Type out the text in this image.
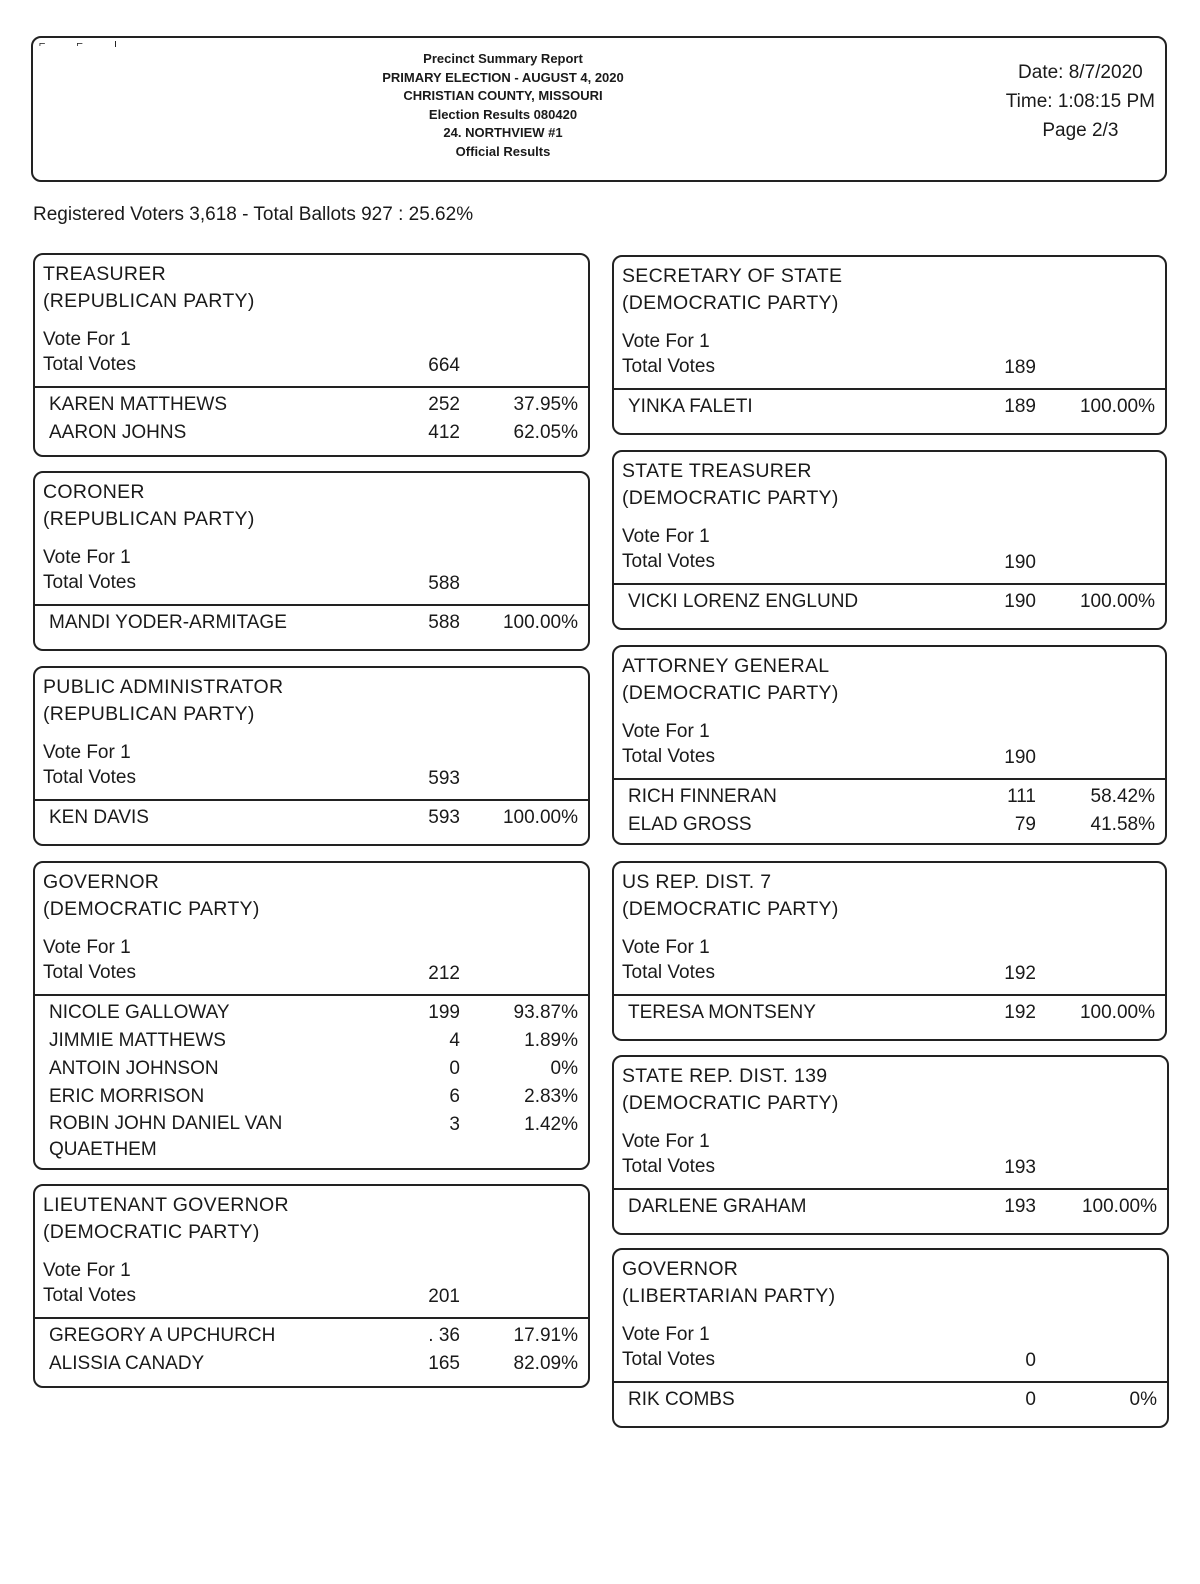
⌐ ⌐ ı
Precinct Summary Report
PRIMARY ELECTION - AUGUST 4, 2020
CHRISTIAN COUNTY, MISSOURI
Election Results 080420
24. NORTHVIEW #1
Official Results
Date: 8/7/2020
Time: 1:08:15 PM
Page 2/3
Registered Voters 3,618 - Total Ballots 927 : 25.62%
TREASURER
(REPUBLICAN PARTY)
Vote For 1
Total Votes	664
KAREN MATTHEWS	252	37.95%
AARON JOHNS	412	62.05%
CORONER
(REPUBLICAN PARTY)
Vote For 1
Total Votes	588
MANDI YODER-ARMITAGE	588	100.00%
PUBLIC ADMINISTRATOR
(REPUBLICAN PARTY)
Vote For 1
Total Votes	593
KEN DAVIS	593	100.00%
GOVERNOR
(DEMOCRATIC PARTY)
Vote For 1
Total Votes	212
NICOLE GALLOWAY	199	93.87%
JIMMIE MATTHEWS	4	1.89%
ANTOIN JOHNSON	0	0%
ERIC MORRISON	6	2.83%
ROBIN JOHN DANIEL VAN QUAETHEM
3	1.42%
LIEUTENANT GOVERNOR
(DEMOCRATIC PARTY)
Vote For 1
Total Votes	201
GREGORY A UPCHURCH	. 36	17.91%
ALISSIA CANADY	165	82.09%
SECRETARY OF STATE
(DEMOCRATIC PARTY)
Vote For 1
Total Votes	189
YINKA FALETI	189	100.00%
STATE TREASURER
(DEMOCRATIC PARTY)
Vote For 1
Total Votes	190
VICKI LORENZ ENGLUND	190	100.00%
ATTORNEY GENERAL
(DEMOCRATIC PARTY)
Vote For 1
Total Votes	190
RICH FINNERAN	111	58.42%
ELAD GROSS	79	41.58%
US REP. DIST. 7
(DEMOCRATIC PARTY)
Vote For 1
Total Votes	192
TERESA MONTSENY	192	100.00%
STATE REP. DIST. 139
(DEMOCRATIC PARTY)
Vote For 1
Total Votes	193
DARLENE GRAHAM	193	100.00%
GOVERNOR
(LIBERTARIAN PARTY)
Vote For 1
Total Votes	0
RIK COMBS	0	0%
